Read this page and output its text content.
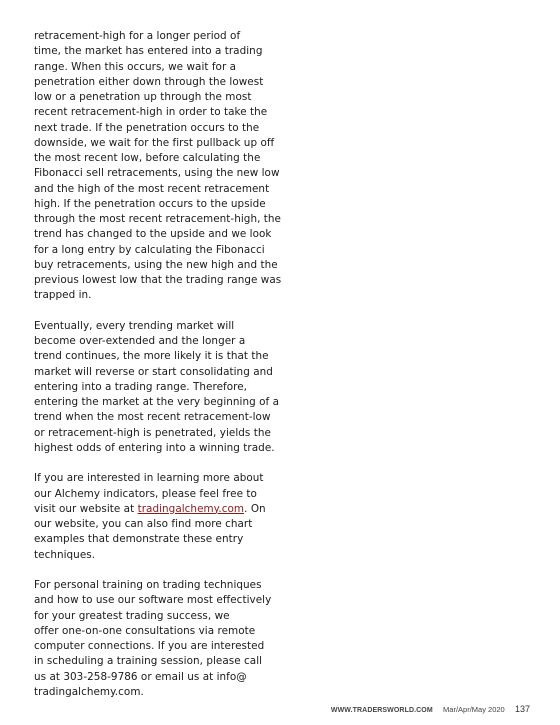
retracement-high for a longer period of
time, the market has entered into a trading
range. When this occurs, we wait for a
penetration either down through the lowest
low or a penetration up through the most
recent retracement-high in order to take the
next trade. If the penetration occurs to the
downside, we wait for the first pullback up off
the most recent low, before calculating the
Fibonacci sell retracements, using the new low
and the high of the most recent retracement
high. If the penetration occurs to the upside
through the most recent retracement-high, the
trend has changed to the upside and we look
for a long entry by calculating the Fibonacci
buy retracements, using the new high and the
previous lowest low that the trading range was
trapped in.

Eventually, every trending market will
become over-extended and the longer a
trend continues, the more likely it is that the
market will reverse or start consolidating and
entering into a trading range. Therefore,
entering the market at the very beginning of a
trend when the most recent retracement-low
or retracement-high is penetrated, yields the
highest odds of entering into a winning trade.

If you are interested in learning more about
our Alchemy indicators, please feel free to
visit our website at tradingalchemy.com. On
our website, you can also find more chart
examples that demonstrate these entry
techniques.

For personal training on trading techniques
and how to use our software most effectively
for your greatest trading success, we
offer one-on-one consultations via remote
computer connections. If you are interested
in scheduling a training session, please call
us at 303-258-9786 or email us at info@
tradingalchemy.com.

WWW.TRADERSWORLD.COM Mar/Apr/May 2020 137
